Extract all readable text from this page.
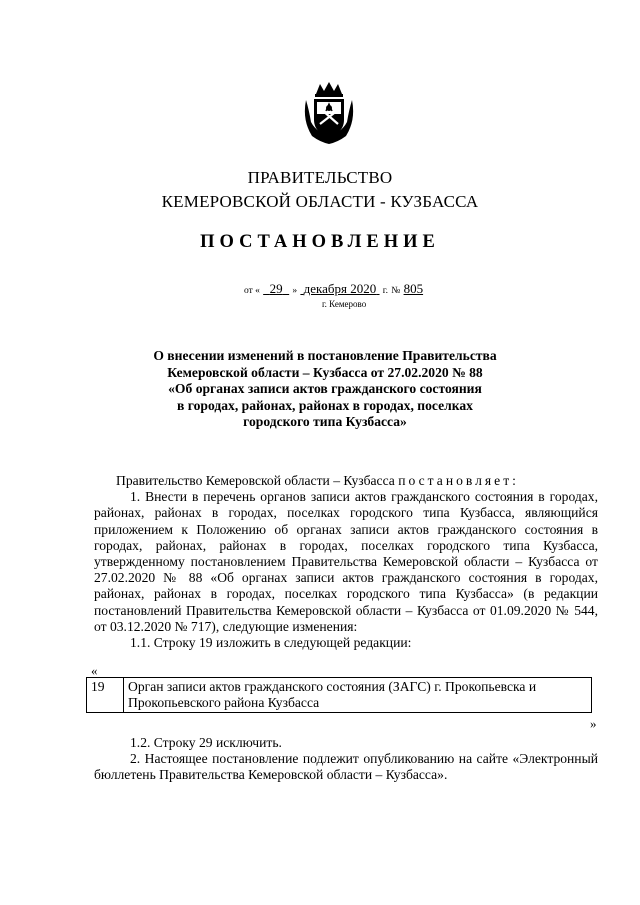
ПРАВИТЕЛЬСТВО
КЕМЕРОВСКОЙ ОБЛАСТИ - КУЗБАССА
ПОСТАНОВЛЕНИЕ
от « 29 » декабря 2020 г. № 805
г. Кемерово
О внесении изменений в постановление Правительства
Кемеровской области – Кузбасса от 27.02.2020 № 88
«Об органах записи актов гражданского состояния
в городах, районах, районах в городах, поселках
городского типа Кузбасса»

Правительство Кемеровской области – Кузбасса постановляет:

1. Внести в перечень органов записи актов гражданского состояния в городах, районах, районах в городах, поселках городского типа Кузбасса, являющийся приложением к Положению об органах записи актов гражданского состояния в городах, районах, районах в городах, поселках городского типа Кузбасса, утвержденному постановлением Правительства Кемеровской области – Кузбасса от 27.02.2020 № 88 «Об органах записи актов гражданского состояния в городах, районах, районах в городах, поселках городского типа Кузбасса» (в редакции постановлений Правительства Кемеровской области – Кузбасса от 01.09.2020 № 544, от 03.12.2020 № 717), следующие изменения:

1.1. Строку 19 изложить в следующей редакции:

«
19	Орган записи актов гражданского состояния (ЗАГС) г. Прокопьевска и Прокопьевского района Кузбасса
»

1.2. Строку 29 исключить.

2. Настоящее постановление подлежит опубликованию на сайте «Электронный бюллетень Правительства Кемеровской области – Кузбасса».
